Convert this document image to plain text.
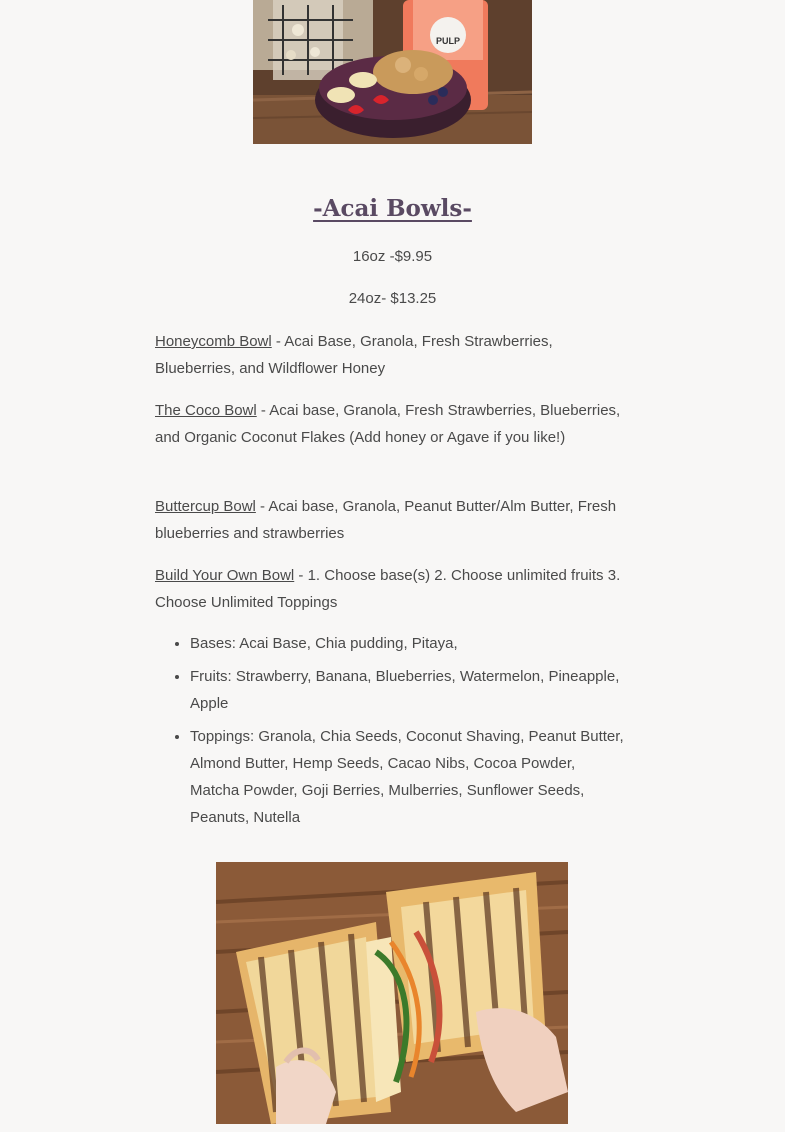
PULP
-Acai Bowls-

16oz -$9.95

24oz- $13.25

Honeycomb Bowl - Acai Base, Granola, Fresh Strawberries, Blueberries, and Wildflower Honey

The Coco Bowl - Acai base, Granola, Fresh Strawberries, Blueberries, and Organic Coconut Flakes (Add honey or Agave if you like!)

Buttercup Bowl - Acai base, Granola, Peanut Butter/Alm Butter, Fresh blueberries and strawberries

Build Your Own Bowl - 1. Choose base(s) 2. Choose unlimited fruits 3. Choose Unlimited Toppings

• Bases: Acai Base, Chia pudding, Pitaya,
• Fruits: Strawberry, Banana, Blueberries, Watermelon, Pineapple, Apple
• Toppings: Granola, Chia Seeds, Coconut Shaving, Peanut Butter, Almond Butter, Hemp Seeds, Cacao Nibs, Cocoa Powder, Matcha Powder, Goji Berries, Mulberries, Sunflower Seeds, Peanuts, Nutella
